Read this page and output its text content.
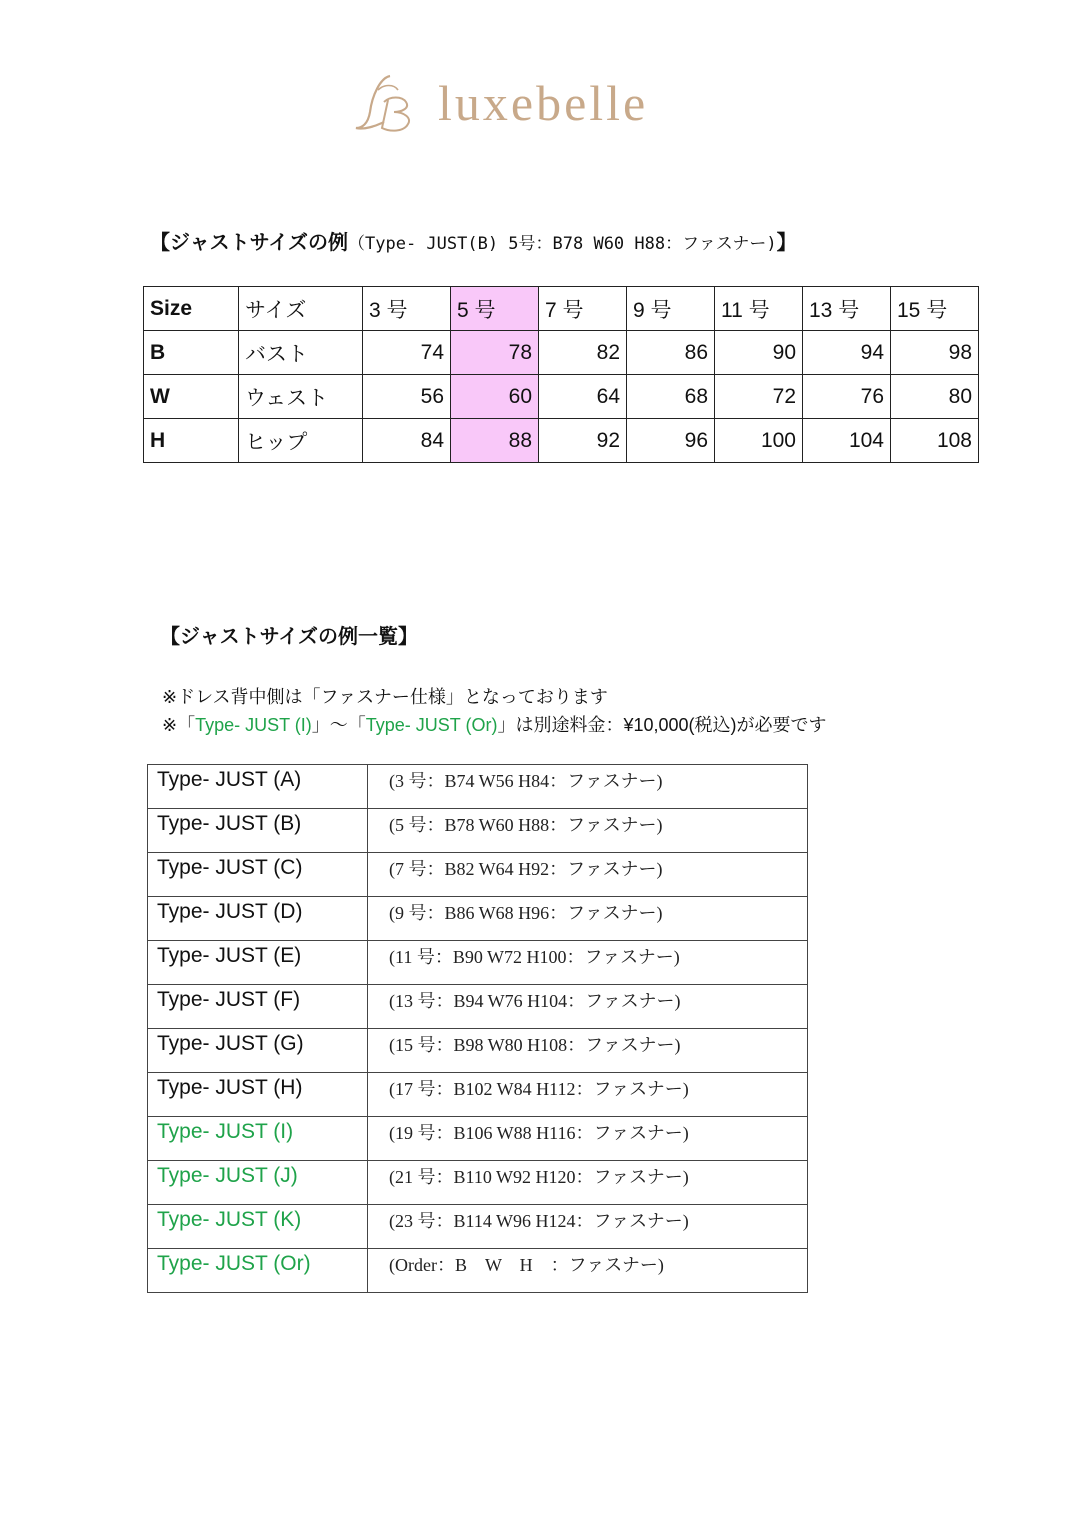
luxebelle
【ジャストサイズの例（Type- JUST(B) 5号：B78 W60 H88：ファスナー)】
Size	サイズ	3 号	5 号	7 号	9 号	11 号	13 号	15 号
B	バスト	74	78	82	86	90	94	98
W	ウェスト	56	60	64	68	72	76	80
H	ヒップ	84	88	92	96	100	104	108
【ジャストサイズの例一覧】
※ドレス背中側は「ファスナー仕様」となっております
※「Type- JUST (I)」～「Type- JUST (Or)」は別途料金：¥10,000(税込)が必要です
Type- JUST (A)	(3 号：B74 W56 H84：ファスナー)
Type- JUST (B)	(5 号：B78 W60 H88：ファスナー)
Type- JUST (C)	(7 号：B82 W64 H92：ファスナー)
Type- JUST (D)	(9 号：B86 W68 H96：ファスナー)
Type- JUST (E)	(11 号：B90 W72 H100：ファスナー)
Type- JUST (F)	(13 号：B94 W76 H104：ファスナー)
Type- JUST (G)	(15 号：B98 W80 H108：ファスナー)
Type- JUST (H)	(17 号：B102 W84 H112：ファスナー)
Type- JUST (I)	(19 号：B106 W88 H116：ファスナー)
Type- JUST (J)	(21 号：B110 W92 H120：ファスナー)
Type- JUST (K)	(23 号：B114 W96 H124：ファスナー)
Type- JUST (Or)	(Order：B　W　H　：ファスナー)
